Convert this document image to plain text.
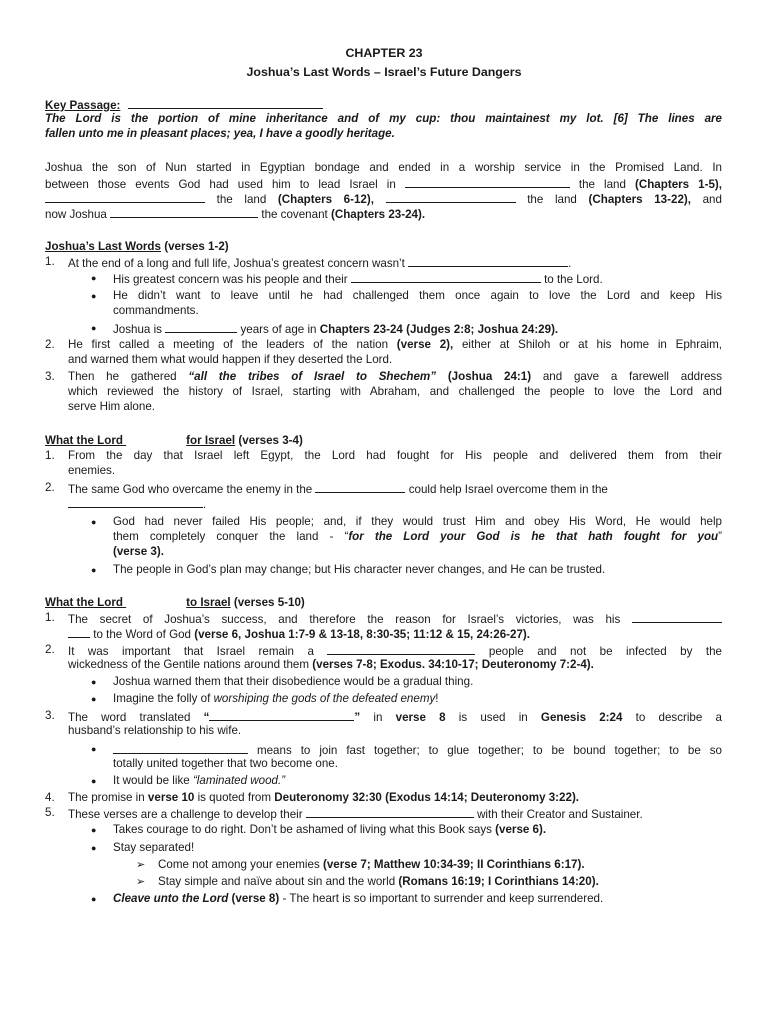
CHAPTER 23
Joshua’s Last Words – Israel’s Future Dangers
Key Passage:
The Lord is the portion of mine inheritance and of my cup: thou maintainest my lot. [6] The lines are
fallen unto me in pleasant places; yea, I have a goodly heritage.
Joshua the son of Nun started in Egyptian bondage and ended in a worship service in the Promised Land. In
between those events God had used him to lead Israel in	the land (Chapters 1-5),
the land (Chapters 6-12),	the land (Chapters 13-22), and
now Joshua	the covenant (Chapters 23-24).
Joshua’s Last Words (verses 1-2)
1. At the end of a long and full life, Joshua’s greatest concern wasn’t	.
● His greatest concern was his people and their	to the Lord.
● He didn’t want to leave until he had challenged them once again to love the Lord and keep His
commandments.
● Joshua is	years of age in Chapters 23-24 (Judges 2:8; Joshua 24:29).
2. He first called a meeting of the leaders of the nation (verse 2), either at Shiloh or at his home in Ephraim,
and warned them what would happen if they deserted the Lord.
3. Then he gathered “all the tribes of Israel to Shechem” (Joshua 24:1) and gave a farewell address
which reviewed the history of Israel, starting with Abraham, and challenged the people to love the Lord and
serve Him alone.
What the Lord	for Israel (verses 3-4)
1. From the day that Israel left Egypt, the Lord had fought for His people and delivered them from their
enemies.
2. The same God who overcame the enemy in the	could help Israel overcome them in the
.
● God had never failed His people; and, if they would trust Him and obey His Word, He would help
them completely conquer the land - “for the Lord your God is he that hath fought for you”
(verse 3).
● The people in God’s plan may change; but His character never changes, and He can be trusted.
What the Lord	to Israel (verses 5-10)
1. The secret of Joshua’s success, and therefore the reason for Israel’s victories, was his
to the Word of God (verse 6, Joshua 1:7-9 & 13-18, 8:30-35; 11:12 & 15, 24:26-27).
2. It was important that Israel remain a	people and not be infected by the
wickedness of the Gentile nations around them (verses 7-8; Exodus. 34:10-17; Deuteronomy 7:2-4).
● Joshua warned them that their disobedience would be a gradual thing.
● Imagine the folly of worshiping the gods of the defeated enemy!
3. The word translated “	” in verse 8 is used in Genesis 2:24 to describe a
husband’s relationship to his wife.
●	means to join fast together; to glue together; to be bound together; to be so
totally united together that two become one.
● It would be like “laminated wood.”
4. The promise in verse 10 is quoted from Deuteronomy 32:30 (Exodus 14:14; Deuteronomy 3:22).
5. These verses are a challenge to develop their	with their Creator and Sustainer.
● Takes courage to do right. Don’t be ashamed of living what this Book says (verse 6).
● Stay separated!
➢ Come not among your enemies (verse 7; Matthew 10:34-39; II Corinthians 6:17).
➢ Stay simple and naïve about sin and the world (Romans 16:19; I Corinthians 14:20).
● Cleave unto the Lord (verse 8) - The heart is so important to surrender and keep surrendered.
